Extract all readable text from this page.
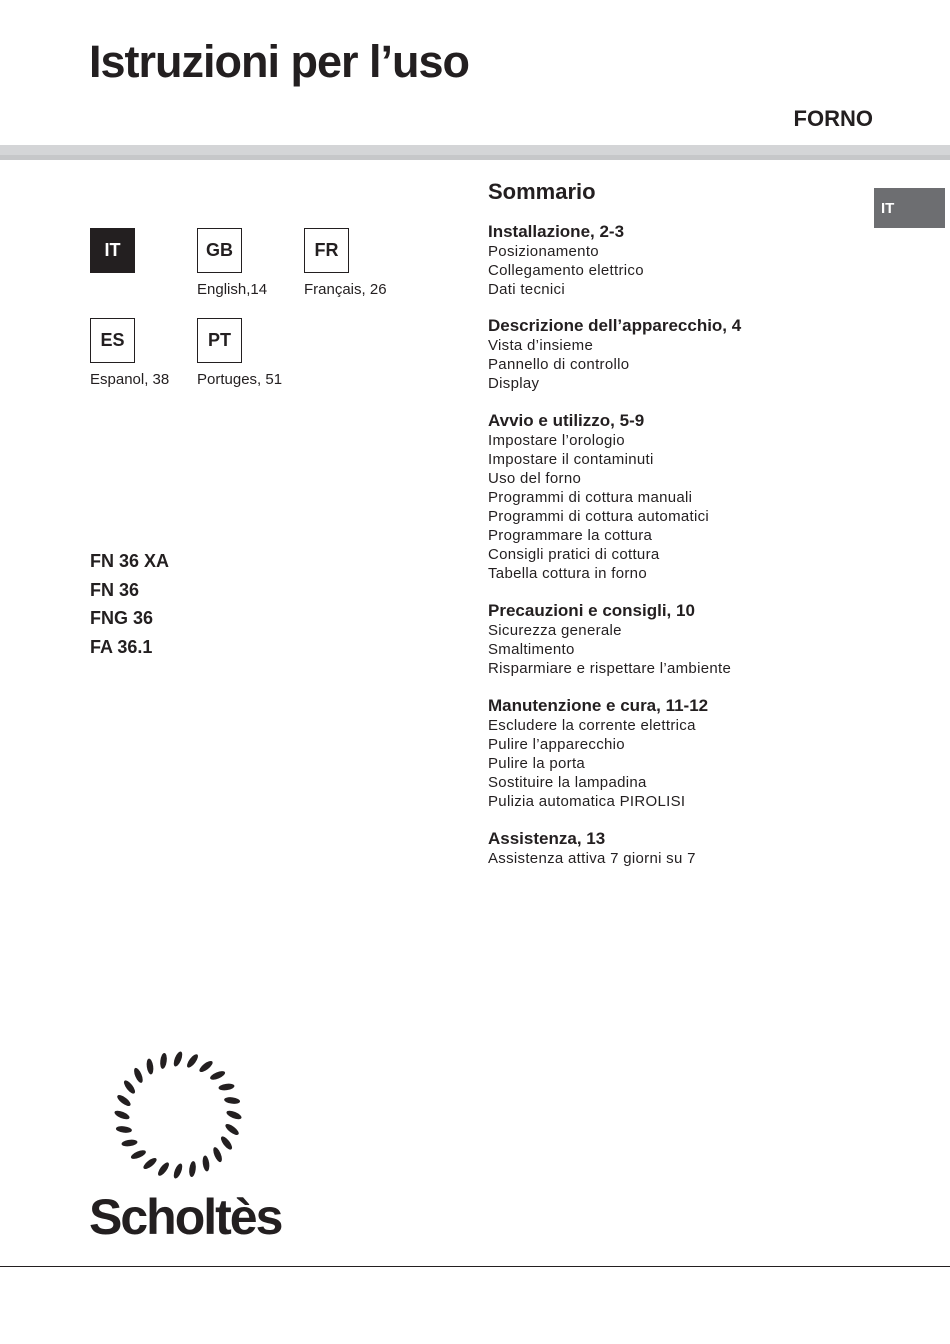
Istruzioni per l’uso
FORNO
IT
IT	GB
English,14
FR
Français, 26
ES
Espanol, 38
PT
Portuges, 51
FN 36 XA
FN 36
FNG 36
FA 36.1
Sommario
Installazione, 2-3
Posizionamento
Collegamento elettrico
Dati tecnici
Descrizione dell’apparecchio, 4
Vista d’insieme
Pannello di controllo
Display
Avvio e utilizzo, 5-9
Impostare l’orologio
Impostare il contaminuti
Uso del forno
Programmi di cottura manuali
Programmi di cottura automatici
Programmare la cottura
Consigli pratici di cottura
Tabella cottura in forno
Precauzioni e consigli, 10
Sicurezza generale
Smaltimento
Risparmiare e rispettare l’ambiente
Manutenzione e cura, 11-12
Escludere la corrente elettrica
Pulire l’apparecchio
Pulire la porta
Sostituire la lampadina
Pulizia automatica PIROLISI
Assistenza, 13
Assistenza attiva 7 giorni su 7
Scholtès
